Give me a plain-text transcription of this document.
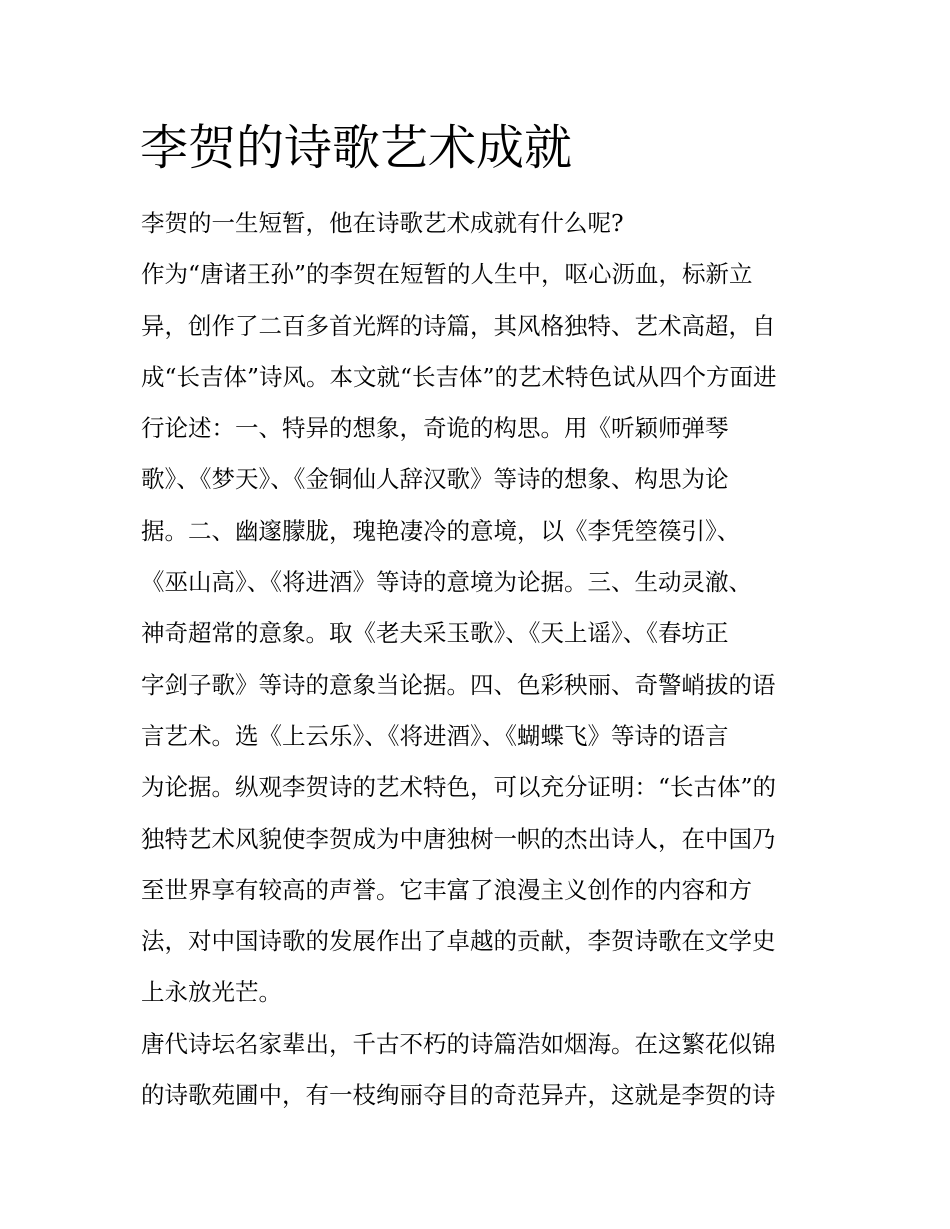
李贺的诗歌艺术成就
李贺的一生短暂，他在诗歌艺术成就有什么呢?
作为“唐诸王孙”的李贺在短暂的人生中，呕心沥血，标新立
异，创作了二百多首光辉的诗篇，其风格独特、艺术高超，自
成“长吉体”诗风。本文就“长吉体”的艺术特色试从四个方面进
行论述：一、特异的想象，奇诡的构思。用《听颖师弹琴
歌》、《梦天》、《金铜仙人辞汉歌》等诗的想象、构思为论
据。二、幽邃朦胧，瑰艳凄冷的意境，以《李凭箜篌引》、
《巫山高》、《将进酒》等诗的意境为论据。三、生动灵澈、
神奇超常的意象。取《老夫采玉歌》、《天上谣》、《春坊正
字剑子歌》等诗的意象当论据。四、色彩秧丽、奇警峭拔的语
言艺术。选《上云乐》、《将进酒》、《蝴蝶飞》等诗的语言
为论据。纵观李贺诗的艺术特色，可以充分证明：“长古体”的
独特艺术风貌使李贺成为中唐独树一帜的杰出诗人，在中国乃
至世界享有较高的声誉。它丰富了浪漫主义创作的内容和方
法，对中国诗歌的发展作出了卓越的贡献，李贺诗歌在文学史
上永放光芒。
唐代诗坛名家辈出，千古不朽的诗篇浩如烟海。在这繁花似锦
的诗歌苑圃中，有一枝绚丽夺目的奇范异卉，这就是李贺的诗
